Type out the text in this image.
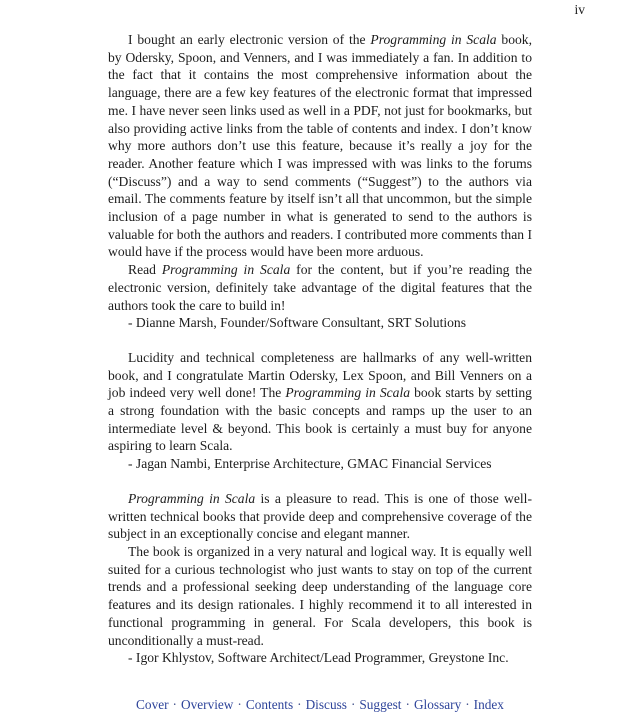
iv

I bought an early electronic version of the Programming in Scala book, by Odersky, Spoon, and Venners, and I was immediately a fan. In addition to the fact that it contains the most comprehensive information about the language, there are a few key features of the electronic format that impressed me. I have never seen links used as well in a PDF, not just for bookmarks, but also providing active links from the table of contents and index. I don’t know why more authors don’t use this feature, because it’s really a joy for the reader. Another feature which I was impressed with was links to the forums (“Discuss”) and a way to send comments (“Suggest”) to the authors via email. The comments feature by itself isn’t all that uncommon, but the simple inclusion of a page number in what is generated to send to the authors is valuable for both the authors and readers. I contributed more comments than I would have if the process would have been more arduous.

Read Programming in Scala for the content, but if you’re reading the electronic version, definitely take advantage of the digital features that the authors took the care to build in!

- Dianne Marsh, Founder/Software Consultant, SRT Solutions

Lucidity and technical completeness are hallmarks of any well-written book, and I congratulate Martin Odersky, Lex Spoon, and Bill Venners on a job indeed very well done! The Programming in Scala book starts by setting a strong foundation with the basic concepts and ramps up the user to an intermediate level & beyond. This book is certainly a must buy for anyone aspiring to learn Scala.

- Jagan Nambi, Enterprise Architecture, GMAC Financial Services

Programming in Scala is a pleasure to read. This is one of those well-written technical books that provide deep and comprehensive coverage of the subject in an exceptionally concise and elegant manner.

The book is organized in a very natural and logical way. It is equally well suited for a curious technologist who just wants to stay on top of the current trends and a professional seeking deep understanding of the language core features and its design rationales. I highly recommend it to all interested in functional programming in general. For Scala developers, this book is unconditionally a must-read.

- Igor Khlystov, Software Architect/Lead Programmer, Greystone Inc.

Cover · Overview · Contents · Discuss · Suggest · Glossary · Index
